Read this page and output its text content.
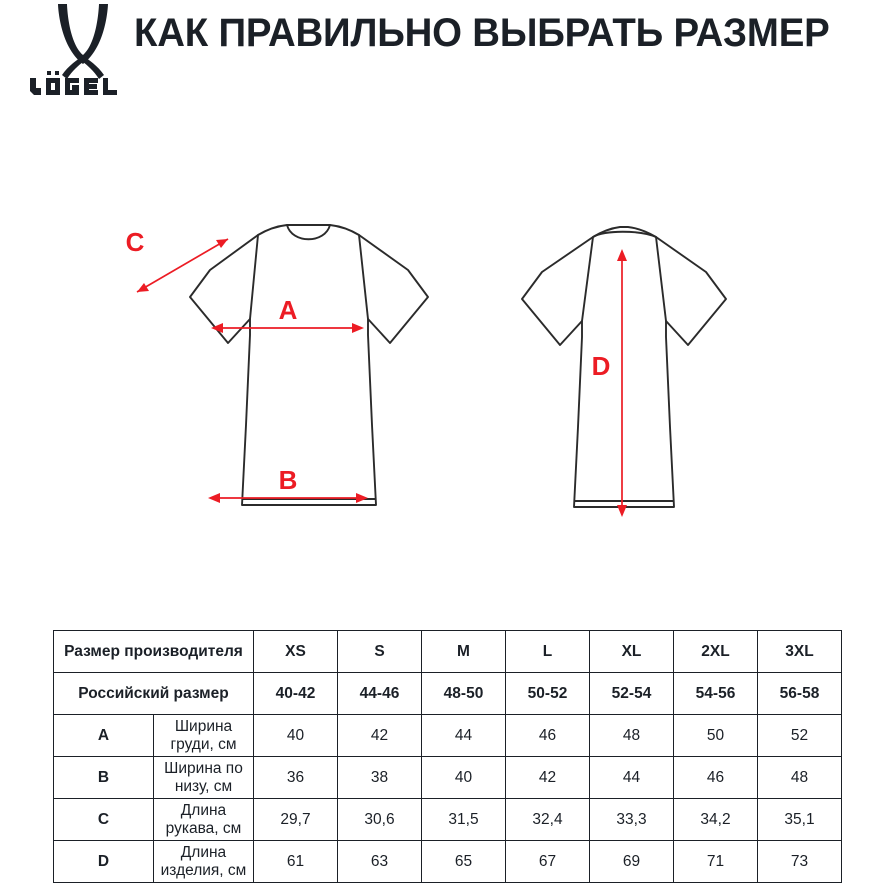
КАК ПРАВИЛЬНО ВЫБРАТЬ РАЗМЕР
C
A
B
D
Размер производителя		XS	S	M	L	XL	2XL	3XL
Российский размер		40-42	44-46	48-50	50-52	52-54	54-56	56-58
A	Ширина груди, см	40	42	44	46	48	50	52
B	Ширина по низу, см	36	38	40	42	44	46	48
C	Длина рукава, см	29,7	30,6	31,5	32,4	33,3	34,2	35,1
D	Длина изделия, см	61	63	65	67	69	71	73
